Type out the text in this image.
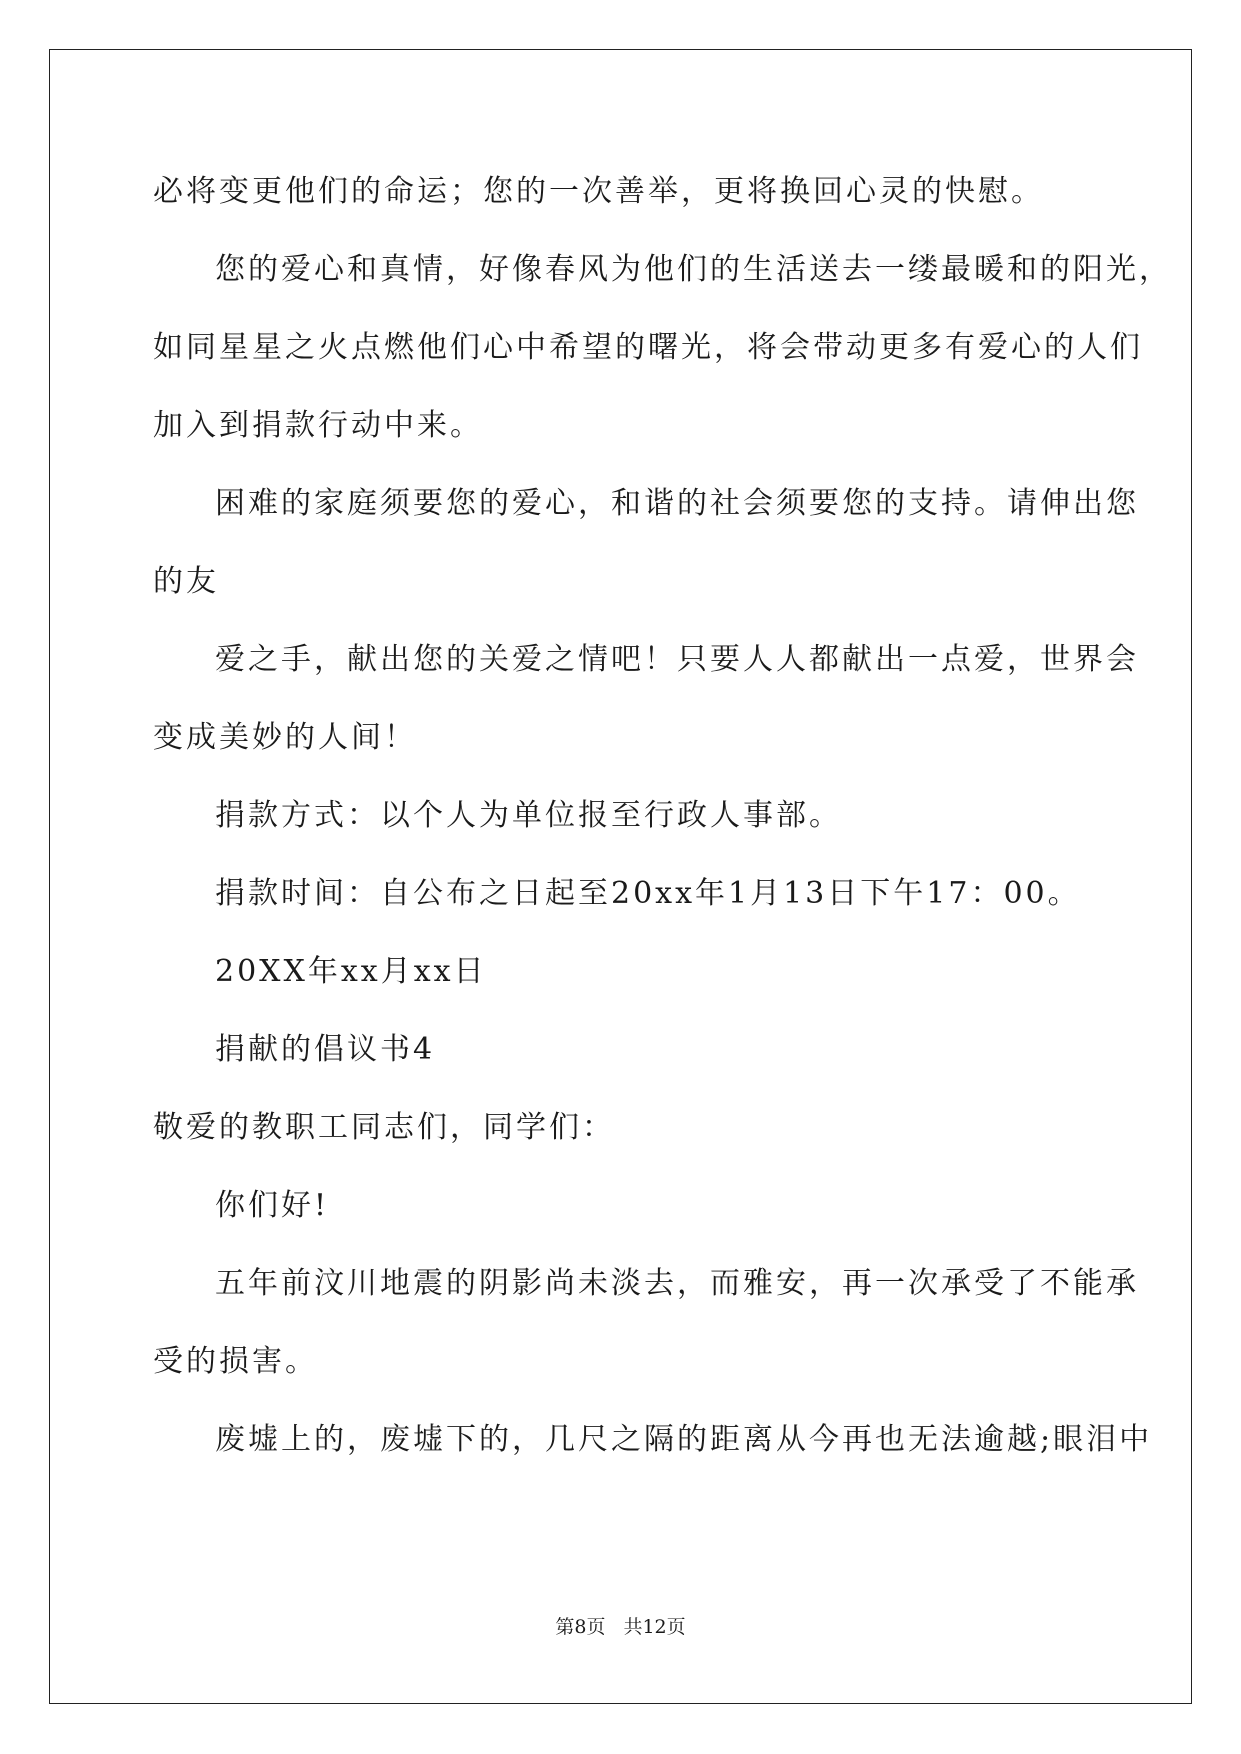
必将变更他们的命运；您的一次善举，更将换回心灵的快慰。

您的爱心和真情，好像春风为他们的生活送去一缕最暖和的阳光，

如同星星之火点燃他们心中希望的曙光，将会带动更多有爱心的人们

加入到捐款行动中来。

困难的家庭须要您的爱心，和谐的社会须要您的支持。请伸出您

的友

爱之手，献出您的关爱之情吧！只要人人都献出一点爱，世界会

变成美妙的人间！

捐款方式：以个人为单位报至行政人事部。

捐款时间：自公布之日起至20xx年1月13日下午17：00。

20XX年xx月xx日

捐献的倡议书4

敬爱的教职工同志们，同学们：

你们好!

五年前汶川地震的阴影尚未淡去，而雅安，再一次承受了不能承

受的损害。

废墟上的，废墟下的，几尺之隔的距离从今再也无法逾越;眼泪中

第8页 共12页
